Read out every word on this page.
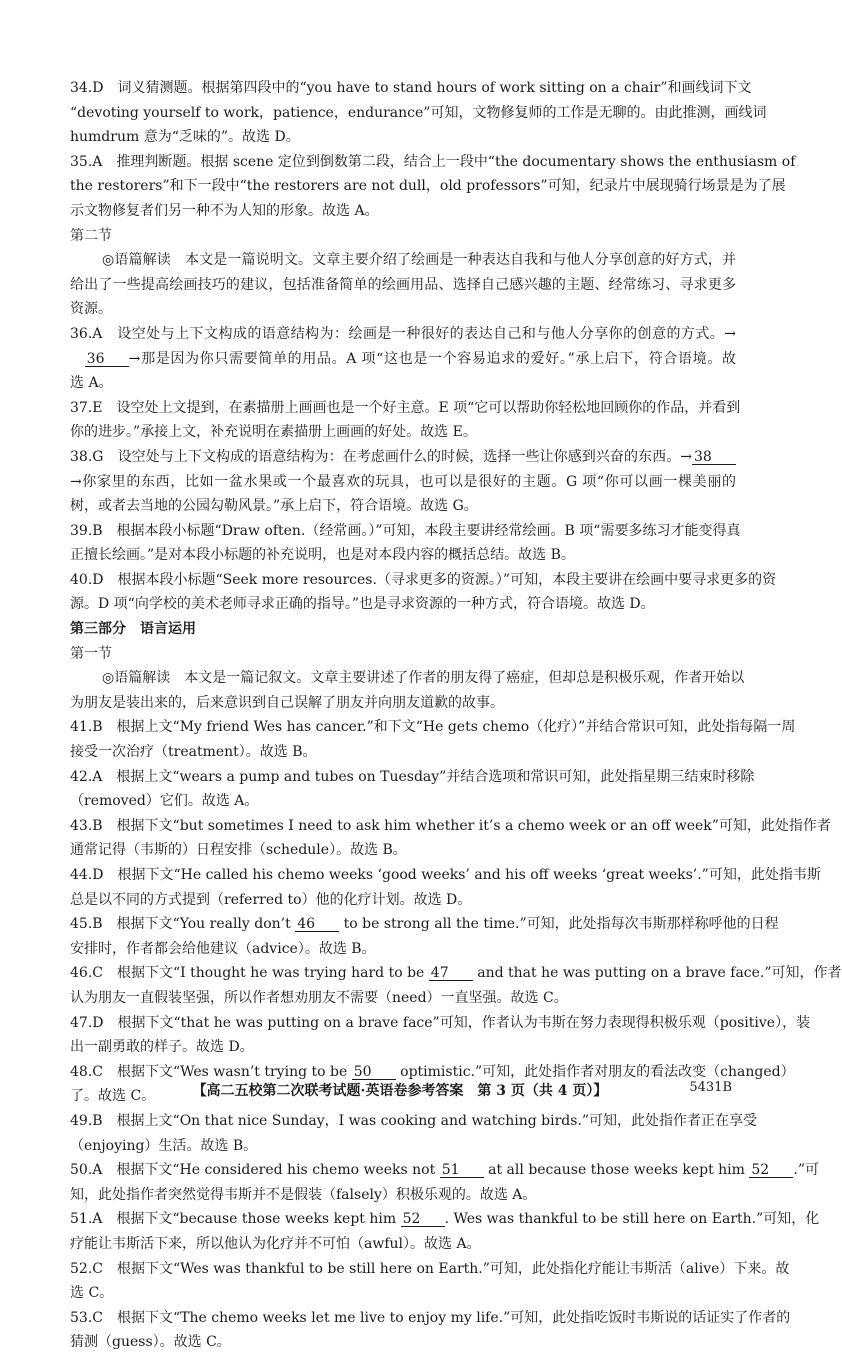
34.D　词义猜测题。根据第四段中的“you have to stand hours of work sitting on a chair”和画线词下文
“devoting yourself to work，patience，endurance”可知，文物修复师的工作是无聊的。由此推测，画线词
humdrum 意为“乏味的”。故选 D。
35.A　推理判断题。根据 scene 定位到倒数第二段，结合上一段中“the documentary shows the enthusiasm of
the restorers”和下一段中“the restorers are not dull，old professors”可知，纪录片中展现骑行场景是为了展
示文物修复者们另一种不为人知的形象。故选 A。
第二节
◎语篇解读　本文是一篇说明文。文章主要介绍了绘画是一种表达自我和与他人分享创意的好方式，并
给出了一些提高绘画技巧的建议，包括准备简单的绘画用品、选择自己感兴趣的主题、经常练习、寻求更多
资源。
36.A　设空处与上下文构成的语意结构为：绘画是一种很好的表达自己和与他人分享你的创意的方式。→
　36 →那是因为你只需要简单的用品。A 项“这也是一个容易追求的爱好。”承上启下，符合语境。故
选 A。
37.E　设空处上文提到，在素描册上画画也是一个好主意。E 项“它可以帮助你轻松地回顾你的作品，并看到
你的进步。”承接上文，补充说明在素描册上画画的好处。故选 E。
38.G　设空处与上下文构成的语意结构为：在考虑画什么的时候，选择一些让你感到兴奋的东西。→ 38
→你家里的东西，比如一盆水果或一个最喜欢的玩具，也可以是很好的主题。G 项“你可以画一棵美丽的
树，或者去当地的公园勾勒风景。”承上启下，符合语境。故选 G。
39.B　根据本段小标题“Draw often.（经常画。）”可知，本段主要讲经常绘画。B 项“需要多练习才能变得真
正擅长绘画。”是对本段小标题的补充说明，也是对本段内容的概括总结。故选 B。
40.D　根据本段小标题“Seek more resources.（寻求更多的资源。）”可知，本段主要讲在绘画中要寻求更多的资
源。D 项“向学校的美术老师寻求正确的指导。”也是寻求资源的一种方式，符合语境。故选 D。
第三部分　语言运用
第一节
◎语篇解读　本文是一篇记叙文。文章主要讲述了作者的朋友得了癌症，但却总是积极乐观，作者开始以
为朋友是装出来的，后来意识到自己误解了朋友并向朋友道歉的故事。
41.B　根据上文“My friend Wes has cancer.”和下文“He gets chemo（化疗）”并结合常识可知，此处指每隔一周
接受一次治疗（treatment）。故选 B。
42.A　根据上文“wears a pump and tubes on Tuesday”并结合选项和常识可知，此处指星期三结束时移除
（removed）它们。故选 A。
43.B　根据下文“but sometimes I need to ask him whether it’s a chemo week or an off week”可知，此处指作者
通常记得（韦斯的）日程安排（schedule）。故选 B。
44.D　根据下文“He called his chemo weeks ‘good weeks’ and his off weeks ‘great weeks’.”可知，此处指韦斯
总是以不同的方式提到（referred to）他的化疗计划。故选 D。
45.B　根据下文“You really don’t 46 to be strong all the time.”可知，此处指每次韦斯那样称呼他的日程
安排时，作者都会给他建议（advice）。故选 B。
46.C　根据下文“I thought he was trying hard to be 47 and that he was putting on a brave face.”可知，作者
认为朋友一直假装坚强，所以作者想劝朋友不需要（need）一直坚强。故选 C。
47.D　根据下文“that he was putting on a brave face”可知，作者认为韦斯在努力表现得积极乐观（positive），装
出一副勇敢的样子。故选 D。
48.C　根据下文“Wes wasn’t trying to be 50 optimistic.”可知，此处指作者对朋友的看法改变（changed）
了。故选 C。
49.B　根据上文“On that nice Sunday，I was cooking and watching birds.”可知，此处指作者正在享受
（enjoying）生活。故选 B。
50.A　根据下文“He considered his chemo weeks not 51 at all because those weeks kept him 52 .”可
知，此处指作者突然觉得韦斯并不是假装（falsely）积极乐观的。故选 A。
51.A　根据下文“because those weeks kept him 52 . Wes was thankful to be still here on Earth.”可知，化
疗能让韦斯活下来，所以他认为化疗并不可怕（awful）。故选 A。
52.C　根据下文“Wes was thankful to be still here on Earth.”可知，此处指化疗能让韦斯活（alive）下来。故
选 C。
53.C　根据下文“The chemo weeks let me live to enjoy my life.”可知，此处指吃饭时韦斯说的话证实了作者的
猜测（guess）。故选 C。
【高二五校第二次联考试题·英语卷参考答案　第 3 页（共 4 页）】	5431B
